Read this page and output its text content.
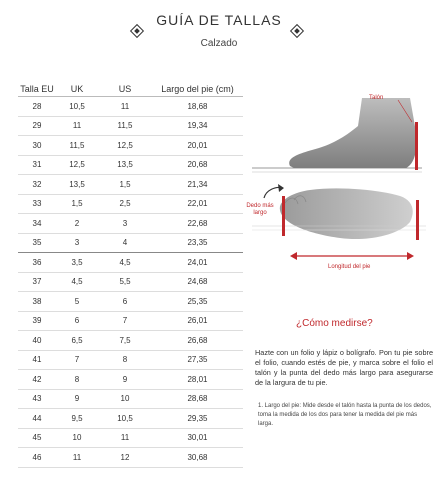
GUÍA DE TALLAS
Calzado
Talla EU	UK	US	Largo del pie (cm)
28	10,5	11	18,68
29	11	11,5	19,34
30	11,5	12,5	20,01
31	12,5	13,5	20,68
32	13,5	1,5	21,34
33	1,5	2,5	22,01
34	2	3	22,68
35	3	4	23,35
36	3,5	4,5	24,01
37	4,5	5,5	24,68
38	5	6	25,35
39	6	7	26,01
40	6,5	7,5	26,68
41	7	8	27,35
42	8	9	28,01
43	9	10	28,68
44	9,5	10,5	29,35
45	10	11	30,01
46	11	12	30,68
Talón
Dedo más largo
Longitud del pie
¿Cómo medirse?
Hazte con un folio y lápiz o bolígrafo. Pon tu pie sobre el folio, cuando estés de pie, y marca sobre el folio el talón y la punta del dedo más largo para asegurarse de la largura de tu pie.
1. Largo del pie: Mide desde el talón hasta la punta de los dedos, toma la medida de los dos para tener la medida del pie más larga.
